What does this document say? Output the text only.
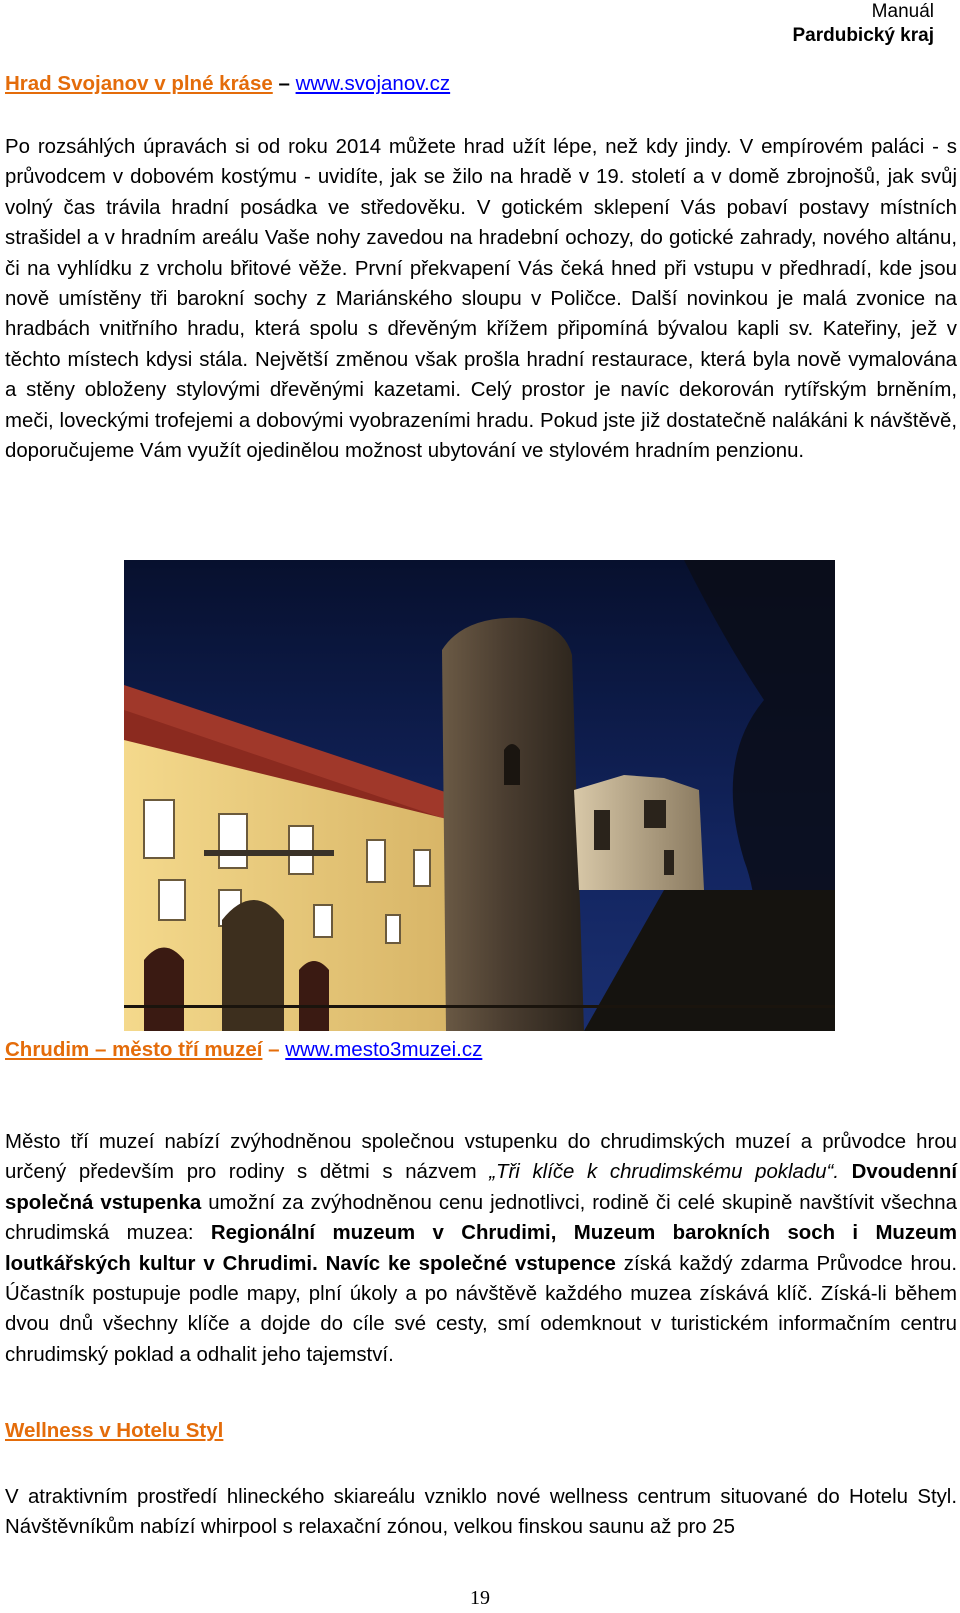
Manuál
Pardubický kraj
Hrad Svojanov v plné kráse – www.svojanov.cz

Po rozsáhlých úpravách si od roku 2014 můžete hrad užít lépe, než kdy jindy. V empírovém paláci - s průvodcem v dobovém kostýmu - uvidíte, jak se žilo na hradě v 19. století a v domě zbrojnošů, jak svůj volný čas trávila hradní posádka ve středověku. V gotickém sklepení Vás pobaví postavy místních strašidel a v hradním areálu Vaše nohy zavedou na hradební ochozy, do gotické zahrady, nového altánu, či na vyhlídku z vrcholu břitové věže. První překvapení Vás čeká hned při vstupu v předhradí, kde jsou nově umístěny tři barokní sochy z Mariánského sloupu v Poličce. Další novinkou je malá zvonice na hradbách vnitřního hradu, která spolu s dřevěným křížem připomíná bývalou kapli sv. Kateřiny, jež v těchto místech kdysi stála. Největší změnou však prošla hradní restaurace, která byla nově vymalována a stěny obloženy stylovými dřevěnými kazetami. Celý prostor je navíc dekorován rytířským brněním, meči, loveckými trofejemi a dobovými vyobrazeními hradu. Pokud jste již dostatečně nalákáni k návštěvě, doporučujeme Vám využít ojedinělou možnost ubytování ve stylovém hradním penzionu.

Chrudim – město tří muzeí – www.mesto3muzei.cz

Město tří muzeí nabízí zvýhodněnou společnou vstupenku do chrudimských muzeí a průvodce hrou určený především pro rodiny s dětmi s názvem „Tři klíče k chrudimskému pokladu“. Dvoudenní společná vstupenka umožní za zvýhodněnou cenu jednotlivci, rodině či celé skupině navštívit všechna chrudimská muzea: Regionální muzeum v Chrudimi, Muzeum barokních soch i Muzeum loutkářských kultur v Chrudimi. Navíc ke společné vstupence získá každý zdarma Průvodce hrou. Účastník postupuje podle mapy, plní úkoly a po návštěvě každého muzea získává klíč. Získá-li během dvou dnů všechny klíče a dojde do cíle své cesty, smí odemknout v turistickém informačním centru chrudimský poklad a odhalit jeho tajemství.

Wellness v Hotelu Styl

V atraktivním prostředí hlineckého skiareálu vzniklo nové wellness centrum situované do Hotelu Styl. Návštěvníkům nabízí whirpool s relaxační zónou, velkou finskou saunu až pro 25

19
